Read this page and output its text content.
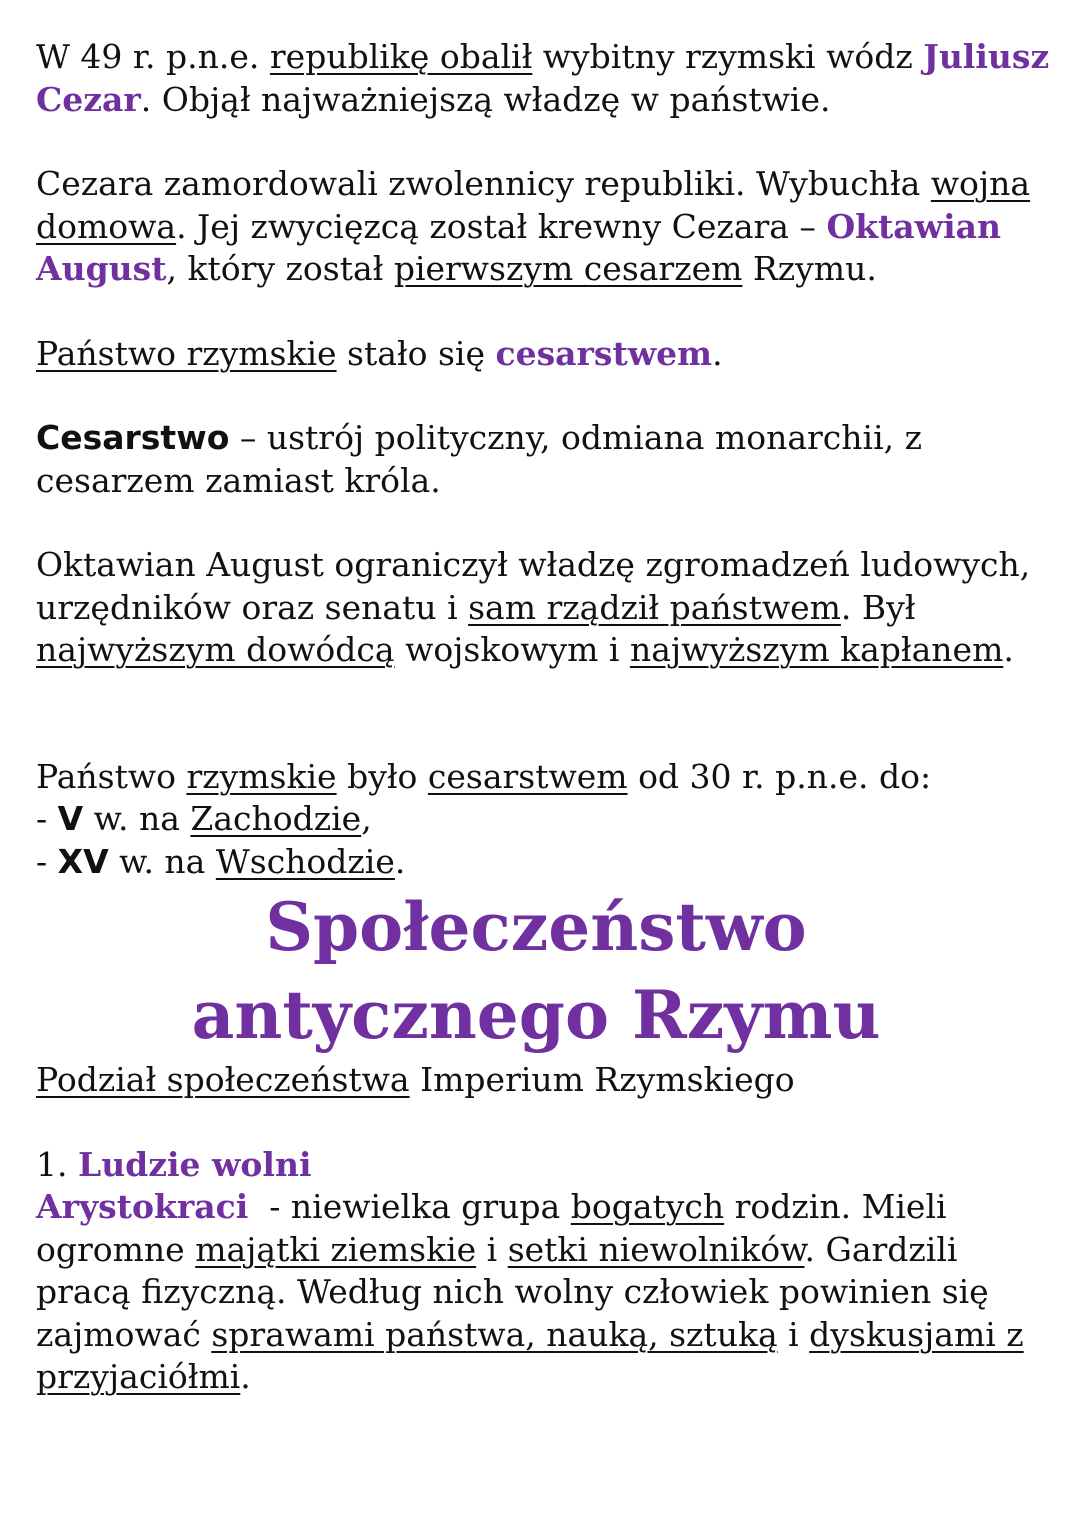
W 49 r. p.n.e. republikę obalił wybitny rzymski wódz Juliusz Cezar. Objął najważniejszą władzę w państwie.

Cezara zamordowali zwolennicy republiki. Wybuchła wojna domowa. Jej zwycięzcą został krewny Cezara – Oktawian August, który został pierwszym cesarzem Rzymu.

Państwo rzymskie stało się cesarstwem.

Cesarstwo – ustrój polityczny, odmiana monarchii, z cesarzem zamiast króla.

Oktawian August ograniczył władzę zgromadzeń ludowych, urzędników oraz senatu i sam rządził państwem. Był najwyższym dowódcą wojskowym i najwyższym kapłanem.

Państwo rzymskie było cesarstwem od 30 r. p.n.e. do:

- V w. na Zachodzie,

- XV w. na Wschodzie.

Społeczeństwo
antycznego Rzymu

Podział społeczeństwa Imperium Rzymskiego

1. Ludzie wolni

Arystokraci  - niewielka grupa bogatych rodzin. Mieli ogromne majątki ziemskie i setki niewolników. Gardzili pracą fizyczną. Według nich wolny człowiek powinien się zajmować sprawami państwa, nauką, sztuką i dyskusjami z przyjaciółmi.
